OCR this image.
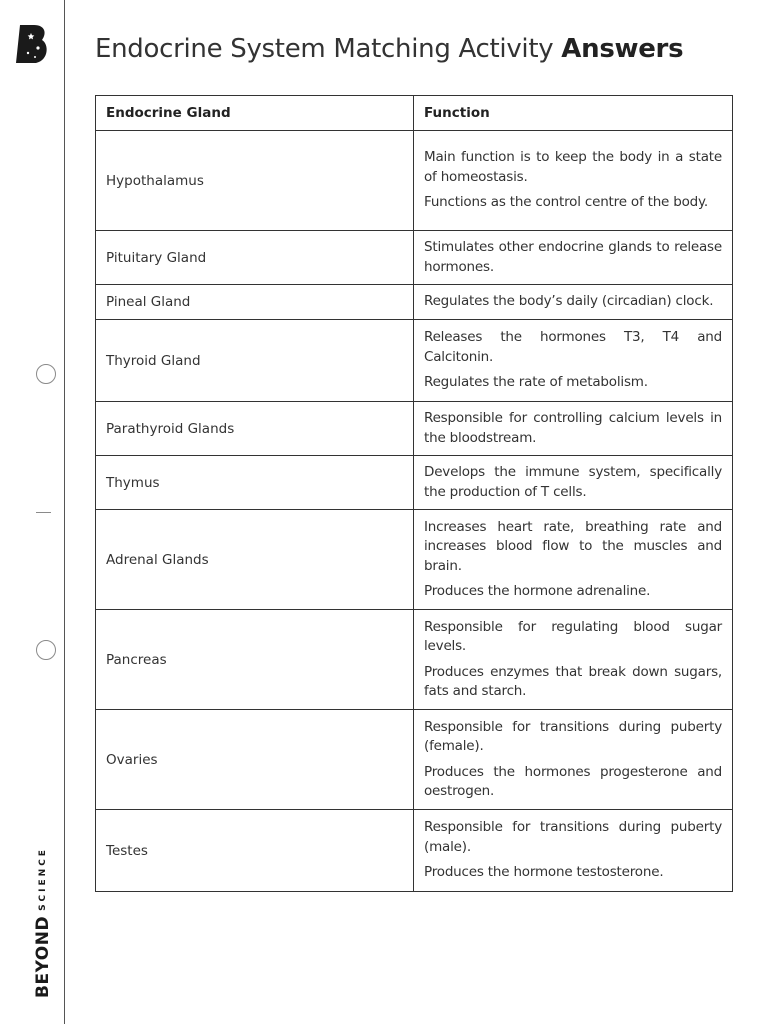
BEYONDSCIENCE
Endocrine System Matching Activity Answers
Endocrine Gland	Function
Hypothalamus	Main function is to keep the body in a state of homeostasis.

Functions as the control centre of the body.

Pituitary Gland	Stimulates other endocrine glands to release hormones.

Pineal Gland	Regulates the body’s daily (circadian) clock.

Thyroid Gland	Releases the hormones T3, T4 and Calcitonin.

Regulates the rate of metabolism.

Parathyroid Glands	Responsible for controlling calcium levels in the bloodstream.

Thymus	Develops the immune system, specifically the production of T cells.

Adrenal Glands	Increases heart rate, breathing rate and increases blood flow to the muscles and brain.

Produces the hormone adrenaline.

Pancreas	Responsible for regulating blood sugar levels.

Produces enzymes that break down sugars, fats and starch.

Ovaries	Responsible for transitions during puberty (female).

Produces the hormones progesterone and oestrogen.

Testes	Responsible for transitions during puberty (male).

Produces the hormone testosterone.
